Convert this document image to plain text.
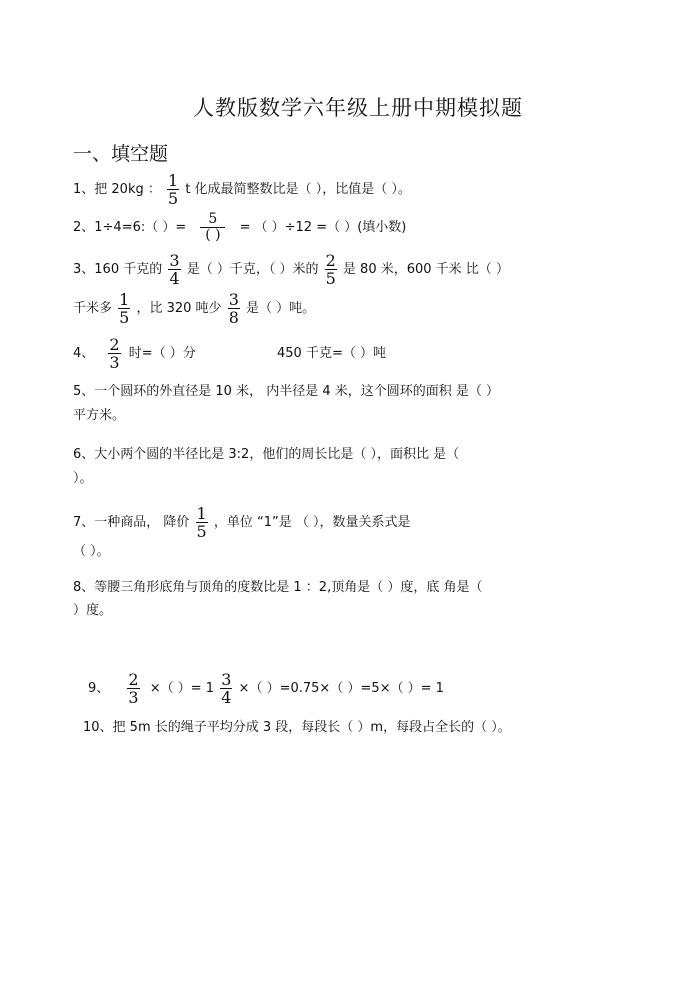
人教版数学六年级上册中期模拟题
一、填空题
1、把 20kg ： $\frac{1}{5}$ t 化成最简整数比是（ ），比值是（ ）。
2、1÷4=6:（ ）= $\frac{5}{( )}$ = （ ）÷12 =（ ）(填小数)
3、160 千克的 $\frac{3}{4}$ 是（ ）千克，（ ）米的 $\frac{2}{5}$ 是 80 米，600 千米 比（ ）
千米多 $\frac{1}{5}$ ，比 320 吨少 $\frac{3}{8}$ 是（ ）吨。
4、 $\frac{2}{3}$ 时=（ ）分	450 千克=（ ）吨
5、一个圆环的外直径是 10 米， 内半径是 4 米，这个圆环的面积 是（ ）
平方米。
6、大小两个圆的半径比是 3:2，他们的周长比是（ ），面积比 是（
）。
7、一种商品， 降价 $\frac{1}{5}$ ，单位 “1”是 （ ），数量关系式是
（ ）。
8、等腰三角形底角与顶角的度数比是 1 ：2,顶角是（ ）度，底 角是（
）度。
9、 $\frac{2}{3}$ ×（ ）= $1 \frac{3}{4}$ ×（ ）=0.75×（ ）=5×（ ）= 1
10、把 5m 长的绳子平均分成 3 段，每段长（ ）m，每段占全长的（ ）。
